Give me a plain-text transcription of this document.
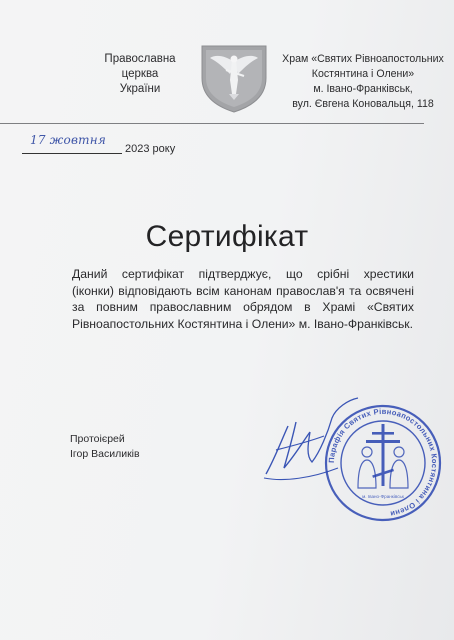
Православна
церква
України
Храм «Святих Рівноапостольних
Костянтина і Олени»
м. Івано-Франківськ,
вул. Євгена Коновальця, 118
17 жовтня
2023 року
Сертифікат
Даний сертифікат підтверджує, що срібні хрестики
(іконки) відповідають всім канонам православ'я та освячені
за повним православним обрядом в Храмі «Святих
Рівноапостольних Костянтина і Олени» м. Івано-Франківськ.
Протоієрей
Ігор Василиків
Парафія Святих Рівноапостольних Костянтина і Олени
м. Івано-Франківськ
